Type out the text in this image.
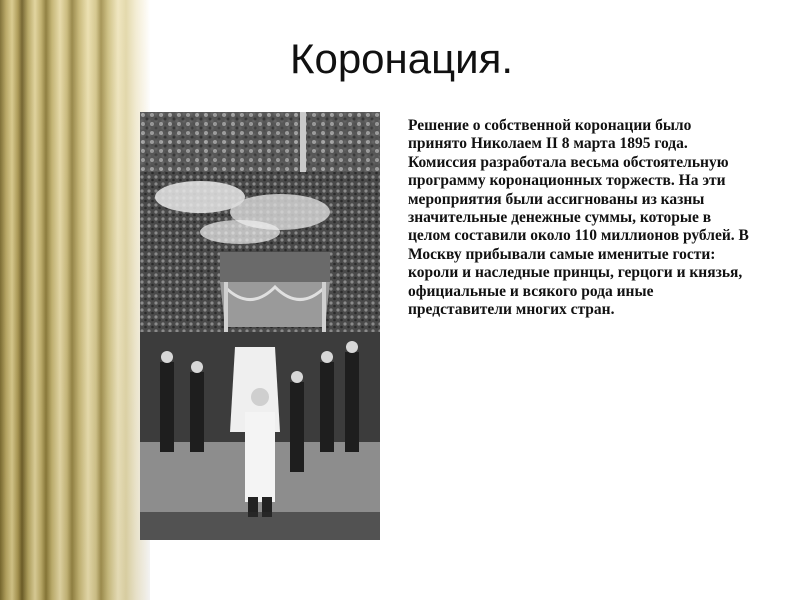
Коронация.

Решение о собственной коронации было принято Николаем II 8 марта 1895 года. Комиссия разработала весьма обстоятельную программу коронационных торжеств. На эти мероприятия были ассигнованы из казны значительные денежные суммы, которые в целом составили около 110 миллионов рублей. В Москву прибывали самые именитые гости: короли и наследные принцы, герцоги и князья, официальные и всякого рода иные представители многих стран.
